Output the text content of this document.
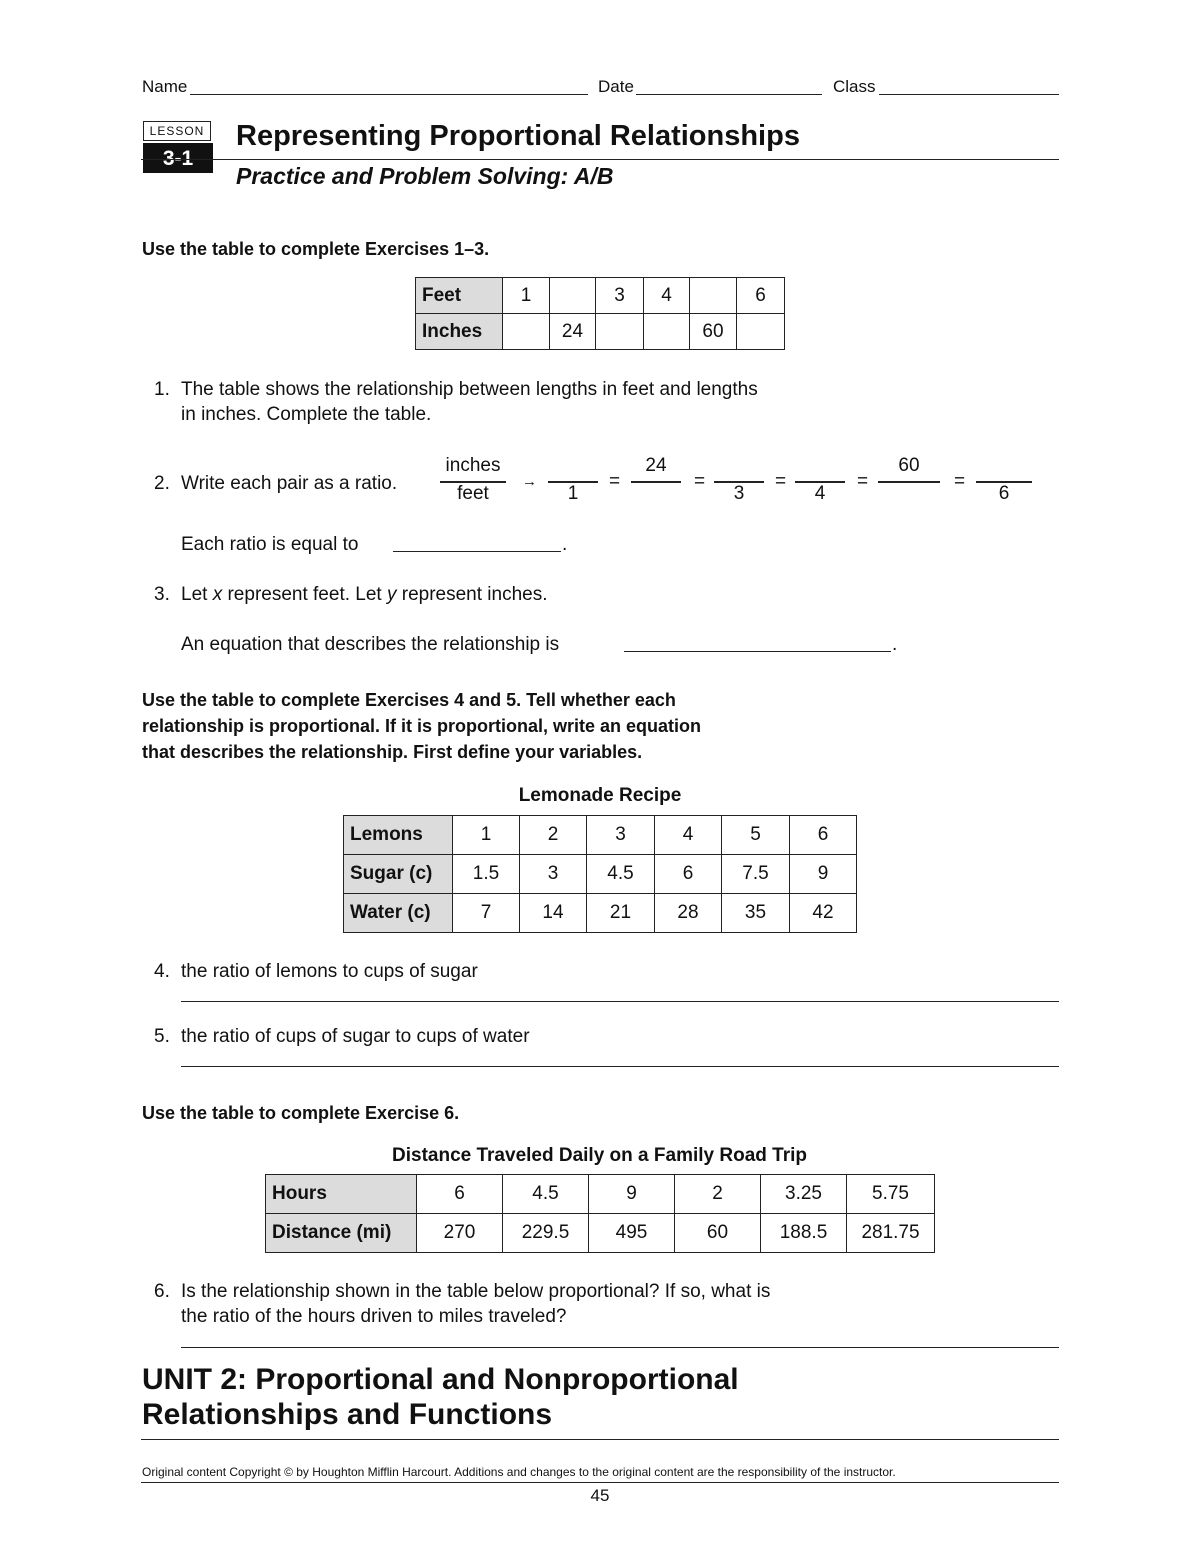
Name	Date	Class
LESSON
3-1
Representing Proportional Relationships
Practice and Problem Solving: A/B
Use the table to complete Exercises 1–3.
Feet	1		3	4		6
Inches		24			60	
1. The table shows the relationship between lengths in feet and lengths
in inches. Complete the table.
2. Write each pair as a ratio.
inches
feet
→
1
=
24
=
3
=
4
=
60
=
6
Each ratio is equal to	.
3. Let x represent feet. Let y represent inches.
An equation that describes the relationship is	.
Use the table to complete Exercises 4 and 5. Tell whether each
relationship is proportional. If it is proportional, write an equation
that describes the relationship. First define your variables.
Lemonade Recipe
Lemons	1	2	3	4	5	6
Sugar (c)	1.5	3	4.5	6	7.5	9
Water (c)	7	14	21	28	35	42
4. the ratio of lemons to cups of sugar
5. the ratio of cups of sugar to cups of water
Use the table to complete Exercise 6.
Distance Traveled Daily on a Family Road Trip
Hours	6	4.5	9	2	3.25	5.75
Distance (mi)	270	229.5	495	60	188.5	281.75
6. Is the relationship shown in the table below proportional? If so, what is
the ratio of the hours driven to miles traveled?
UNIT 2: Proportional and Nonproportional
Relationships and Functions
Original content Copyright © by Houghton Mifflin Harcourt. Additions and changes to the original content are the responsibility of the instructor.
45
